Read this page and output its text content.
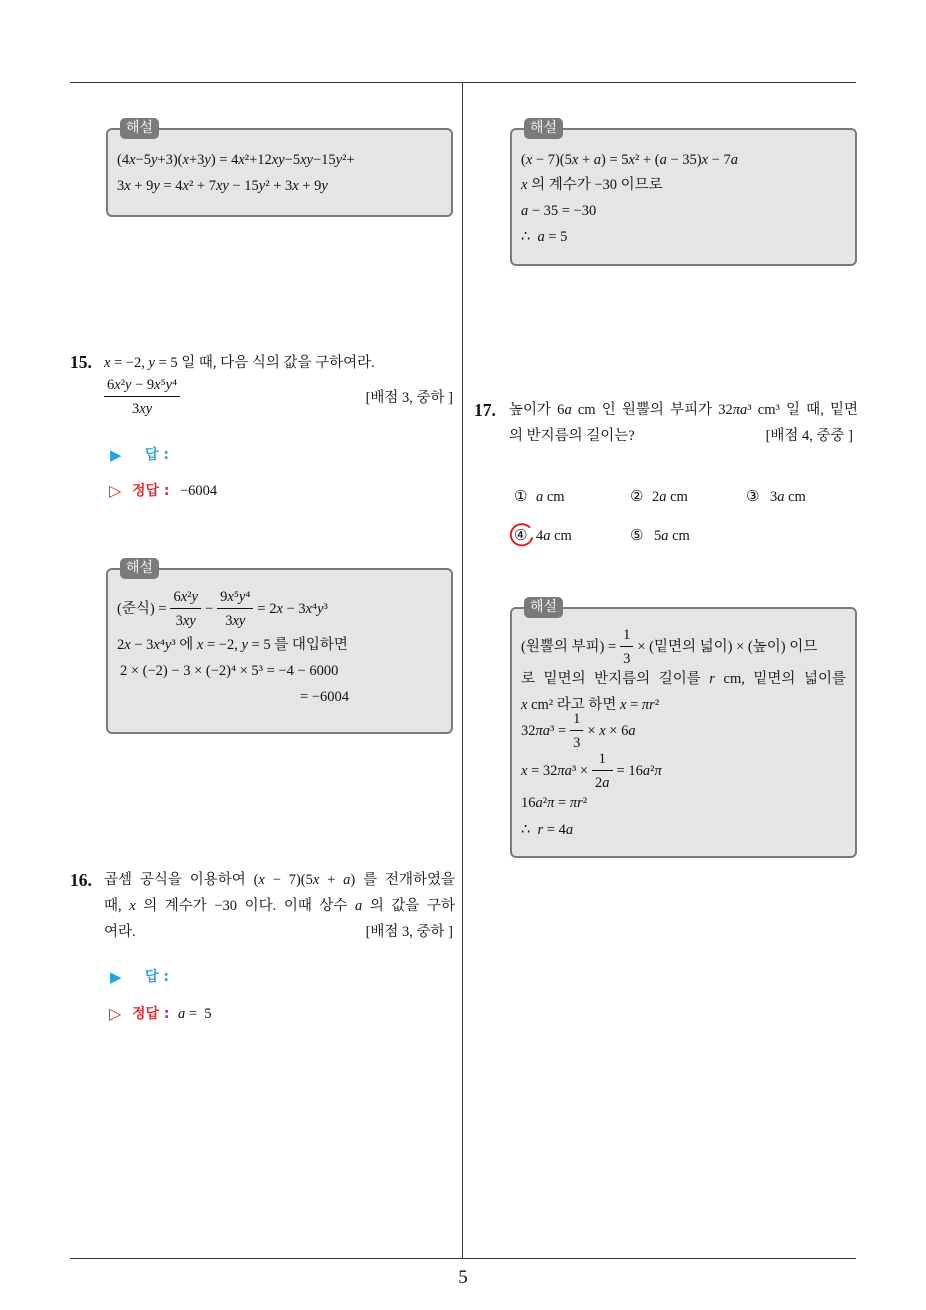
5
해설
(4x−5y+3)(x+3y) = 4x²+12xy−5xy−15y²+
3x + 9y = 4x² + 7xy − 15y² + 3x + 9y
15. x = −2, y = 5 일 때, 다음 식의 값을 구하여라.
$\frac{\text{6x²y − 9x⁵y⁴}}{3xy}$	[배점 3, 중하 ]
▶ 답 :
▷ 정답 : −6004
해설
(준식) = $\frac{\text{6x²y}}{3xy} - \frac{\text{9x⁵y⁴}}{3xy} = 2x - 3x^4y^3$
2x − 3x⁴y³ 에 x = −2, y = 5 를 대입하면
2 × (−2) − 3 × (−2)⁴ × 5³ = −4 − 6000
= −6004
16. 곱셈 공식을 이용하여 (x − 7)(5x + a) 를 전개하였을
때, x 의 계수가 −30 이다. 이때 상수 a 의 값을 구하
여라.	[배점 3, 중하 ]
▶ 답 :
▷ 정답 : a =  5
해설
(x − 7)(5x + a) = 5x² + (a − 35)x − 7a
x 의 계수가 −30 이므로
a − 35 = −30
∴  a = 5
17. 높이가 6a cm 인 원뿔의 부피가 32πa³ cm³ 일 때, 밑면
의 반지름의 길이는?	[배점 4, 중중 ]
① a cm	② 2a cm	③ 3a cm
④ 4a cm	⑤ 5a cm
해설
(원뿔의 부피) = $\frac{1}{3}$ × (밑면의 넓이) × (높이) 이므
로 밑면의 반지름의 길이를 r cm, 밑면의 넓이를
x cm² 라고 하면 x = πr²
$32\pi a^3 = \frac{1}{3} \times x \times 6a$
$x = 32\pi a^3 \times \frac{1}{2a} = 16a^2\pi$
16a²π = πr²
∴  r = 4a
